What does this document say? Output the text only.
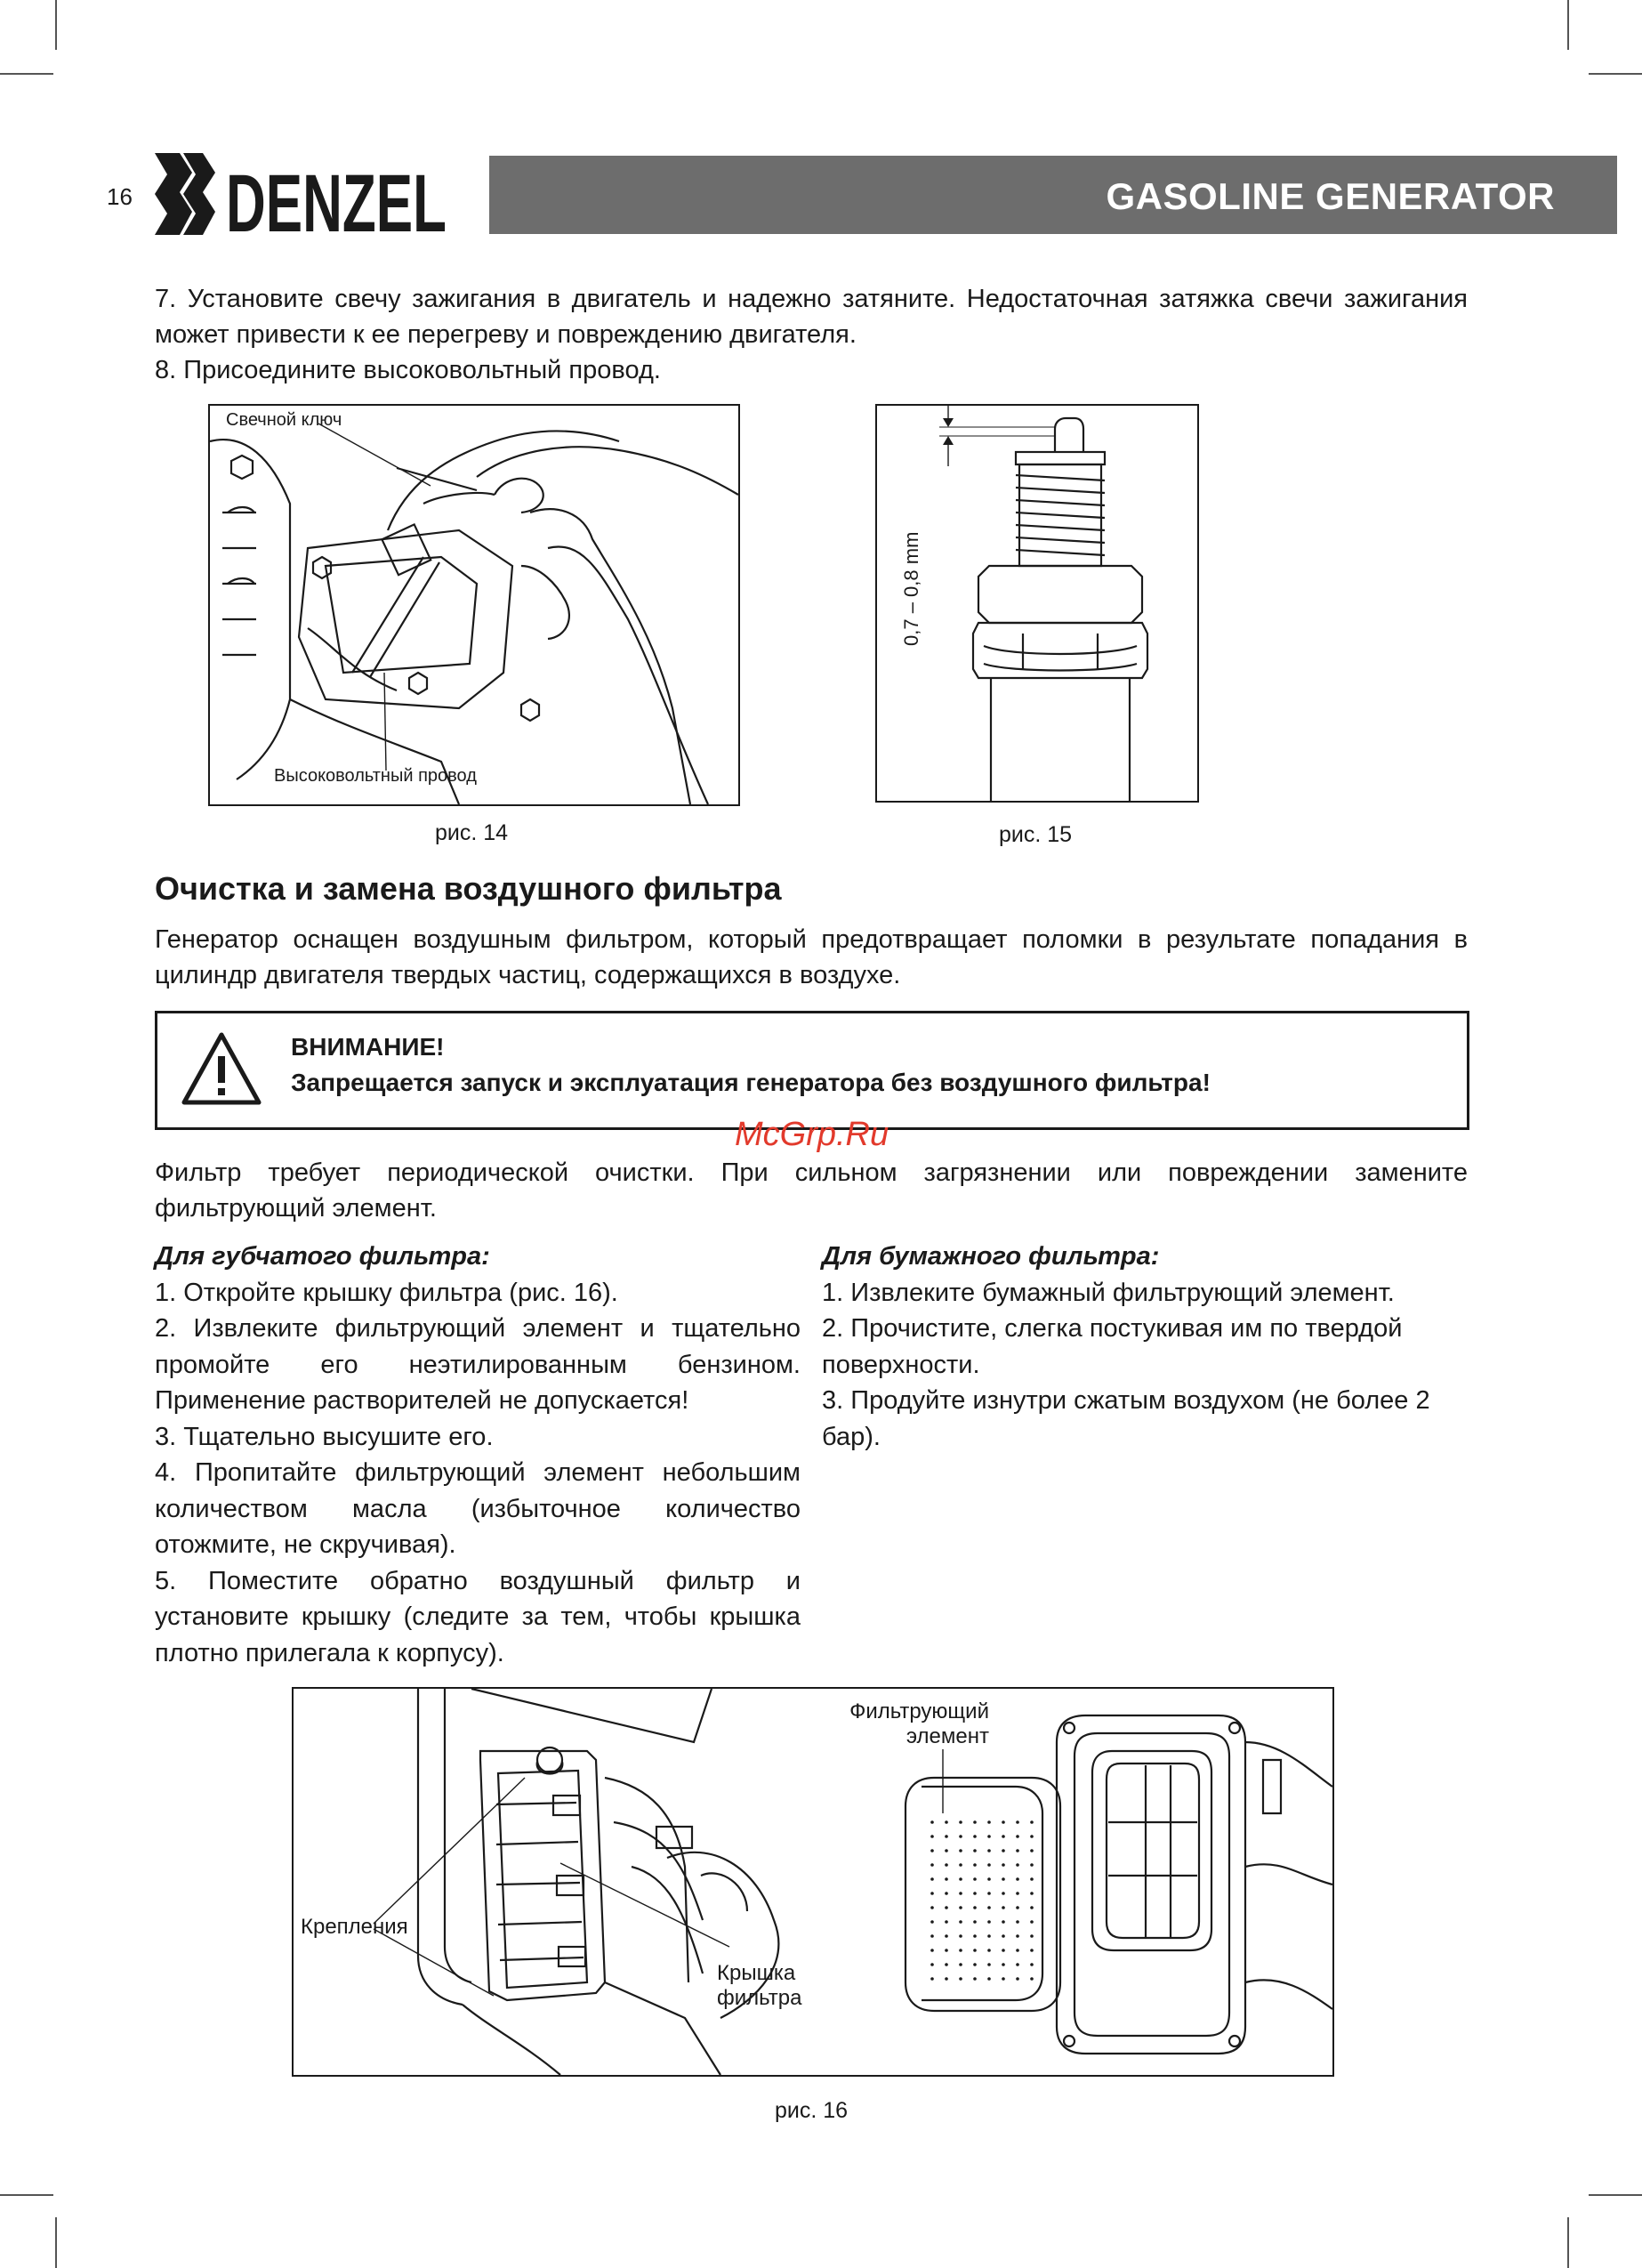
16 DENZEL	GASOLINE GENERATOR

7. Установите свечу зажигания в двигатель и надежно затяните. Недостаточная затяжка свечи зажигания может привести к ее перегреву и повреждению двигателя.

8. Присоедините высоковольтный провод.

Свечной ключ
Высоковольтный провод
рис. 14
0,7 – 0,8 mm
рис. 15
Очистка и замена воздушного фильтра
Генератор оснащен воздушным фильтром, который предотвращает поломки в результате попадания в цилиндр двигателя твердых частиц, содержащихся в воздухе.
ВНИМАНИЕ!
Запрещается запуск и эксплуатация генератора без воздушного фильтра!
McGrp.Ru
Фильтр требует периодической очистки. При сильном загрязнении или повреждении замените фильтрующий элемент.

Для губчатого фильтра:

1. Откройте крышку фильтра (рис. 16).

2. Извлеките фильтрующий элемент и тщательно промойте его неэтилированным бензином. Применение растворителей не допускается!

3. Тщательно высушите его.

4. Пропитайте фильтрующий элемент небольшим количеством масла (избыточное количество отожмите, не скручивая).

5. Поместите обратно воздушный фильтр и установите крышку (следите за тем, чтобы крышка плотно прилегала к корпусу).

Для бумажного фильтра:

1. Извлеките бумажный фильтрующий элемент.

2. Прочистите, слегка постукивая им по твердой поверхности.

3. Продуйте изнутри сжатым воздухом (не более 2 бар).

Фильтрующий
элемент
Крепления
Крышка
фильтра
рис. 16
